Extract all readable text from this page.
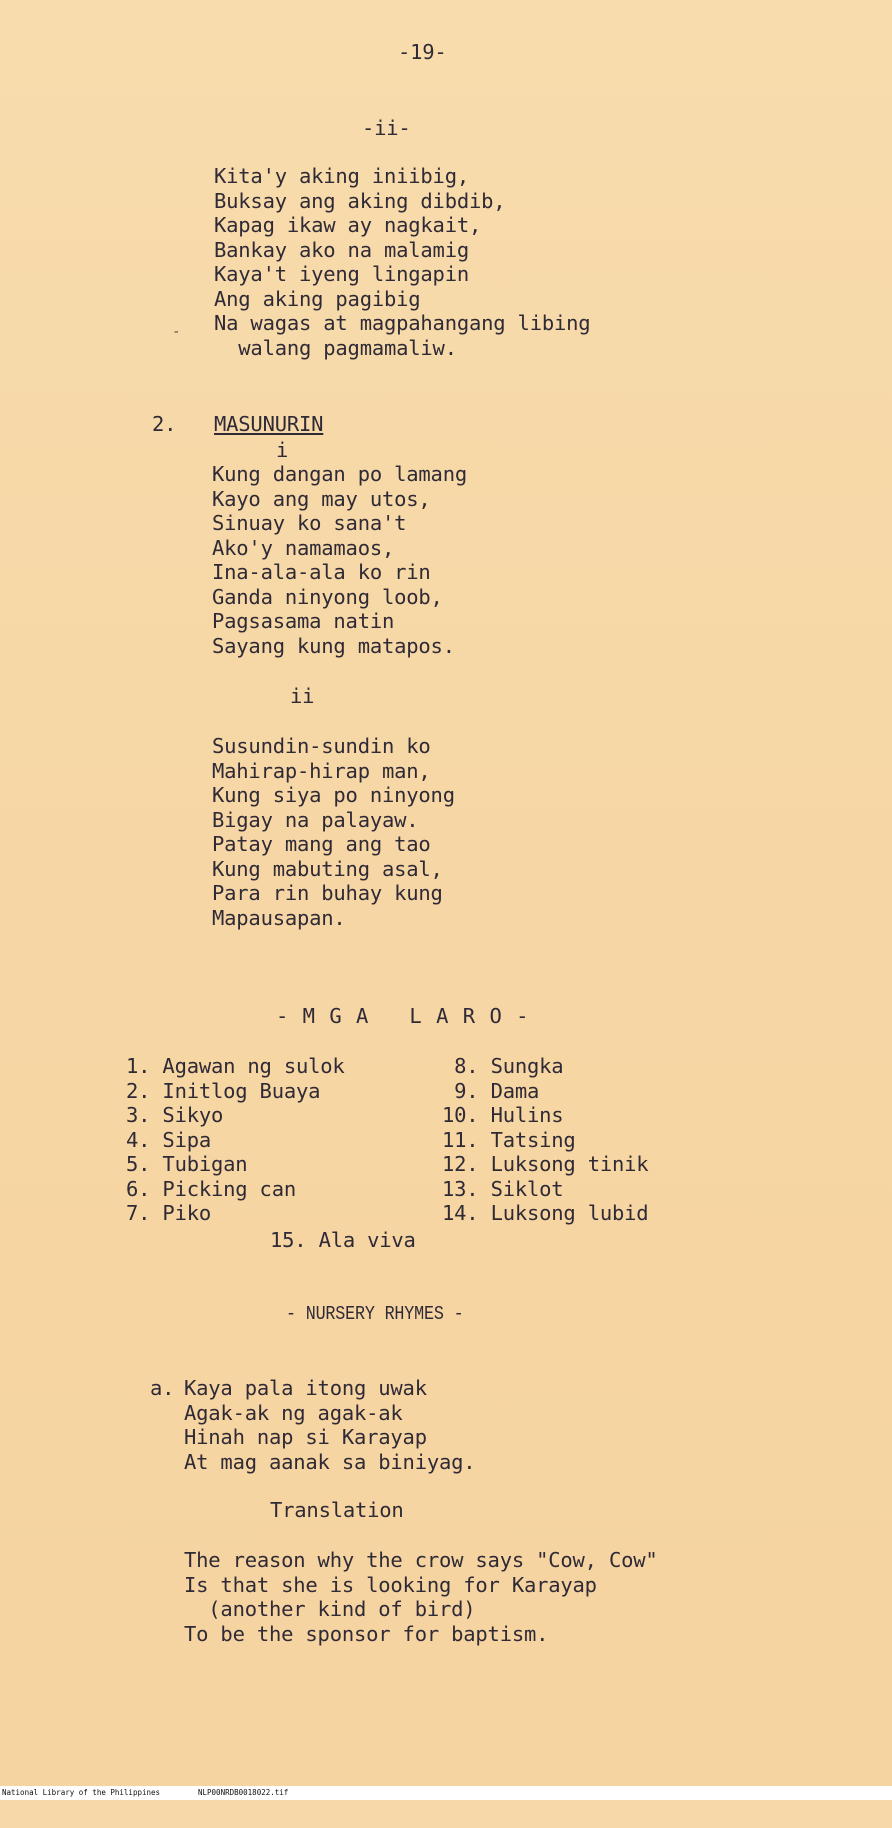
-19-
-ii-
Kita'y aking iniibig,
Buksay ang aking dibdib,
Kapag ikaw ay nagkait,
Bankay ako na malamig
Kaya't iyeng lingapin
Ang aking pagibig
Na wagas at magpahangang libing
walang pagmamaliw.
-
2. MASUNURIN
i
Kung dangan po lamang
Kayo ang may utos,
Sinuay ko sana't
Ako'y namamaos,
Ina-ala-ala ko rin
Ganda ninyong loob,
Pagsasama natin
Sayang kung matapos.
ii
Susundin-sundin ko
Mahirap-hirap man,
Kung siya po ninyong
Bigay na palayaw.
Patay mang ang tao
Kung mabuting asal,
Para rin buhay kung
Mapausapan.
- M G A   L A R O -
1. Agawan ng sulok
2. Initlog Buaya
3. Sikyo
4. Sipa
5. Tubigan
6. Picking can
7. Piko
8. Sungka
9. Dama
10. Hulins
11. Tatsing
12. Luksong tinik
13. Siklot
14. Luksong lubid
15. Ala viva
- NURSERY RHYMES -
a. Kaya pala itong uwak
Agak-ak ng agak-ak
Hinah nap si Karayap
At mag aanak sa biniyag.
Translation
The reason why the crow says "Cow, Cow"
Is that she is looking for Karayap
(another kind of bird)
To be the sponsor for baptism.

National Library of the Philippines

	NLP00NRDB0018022.tif
